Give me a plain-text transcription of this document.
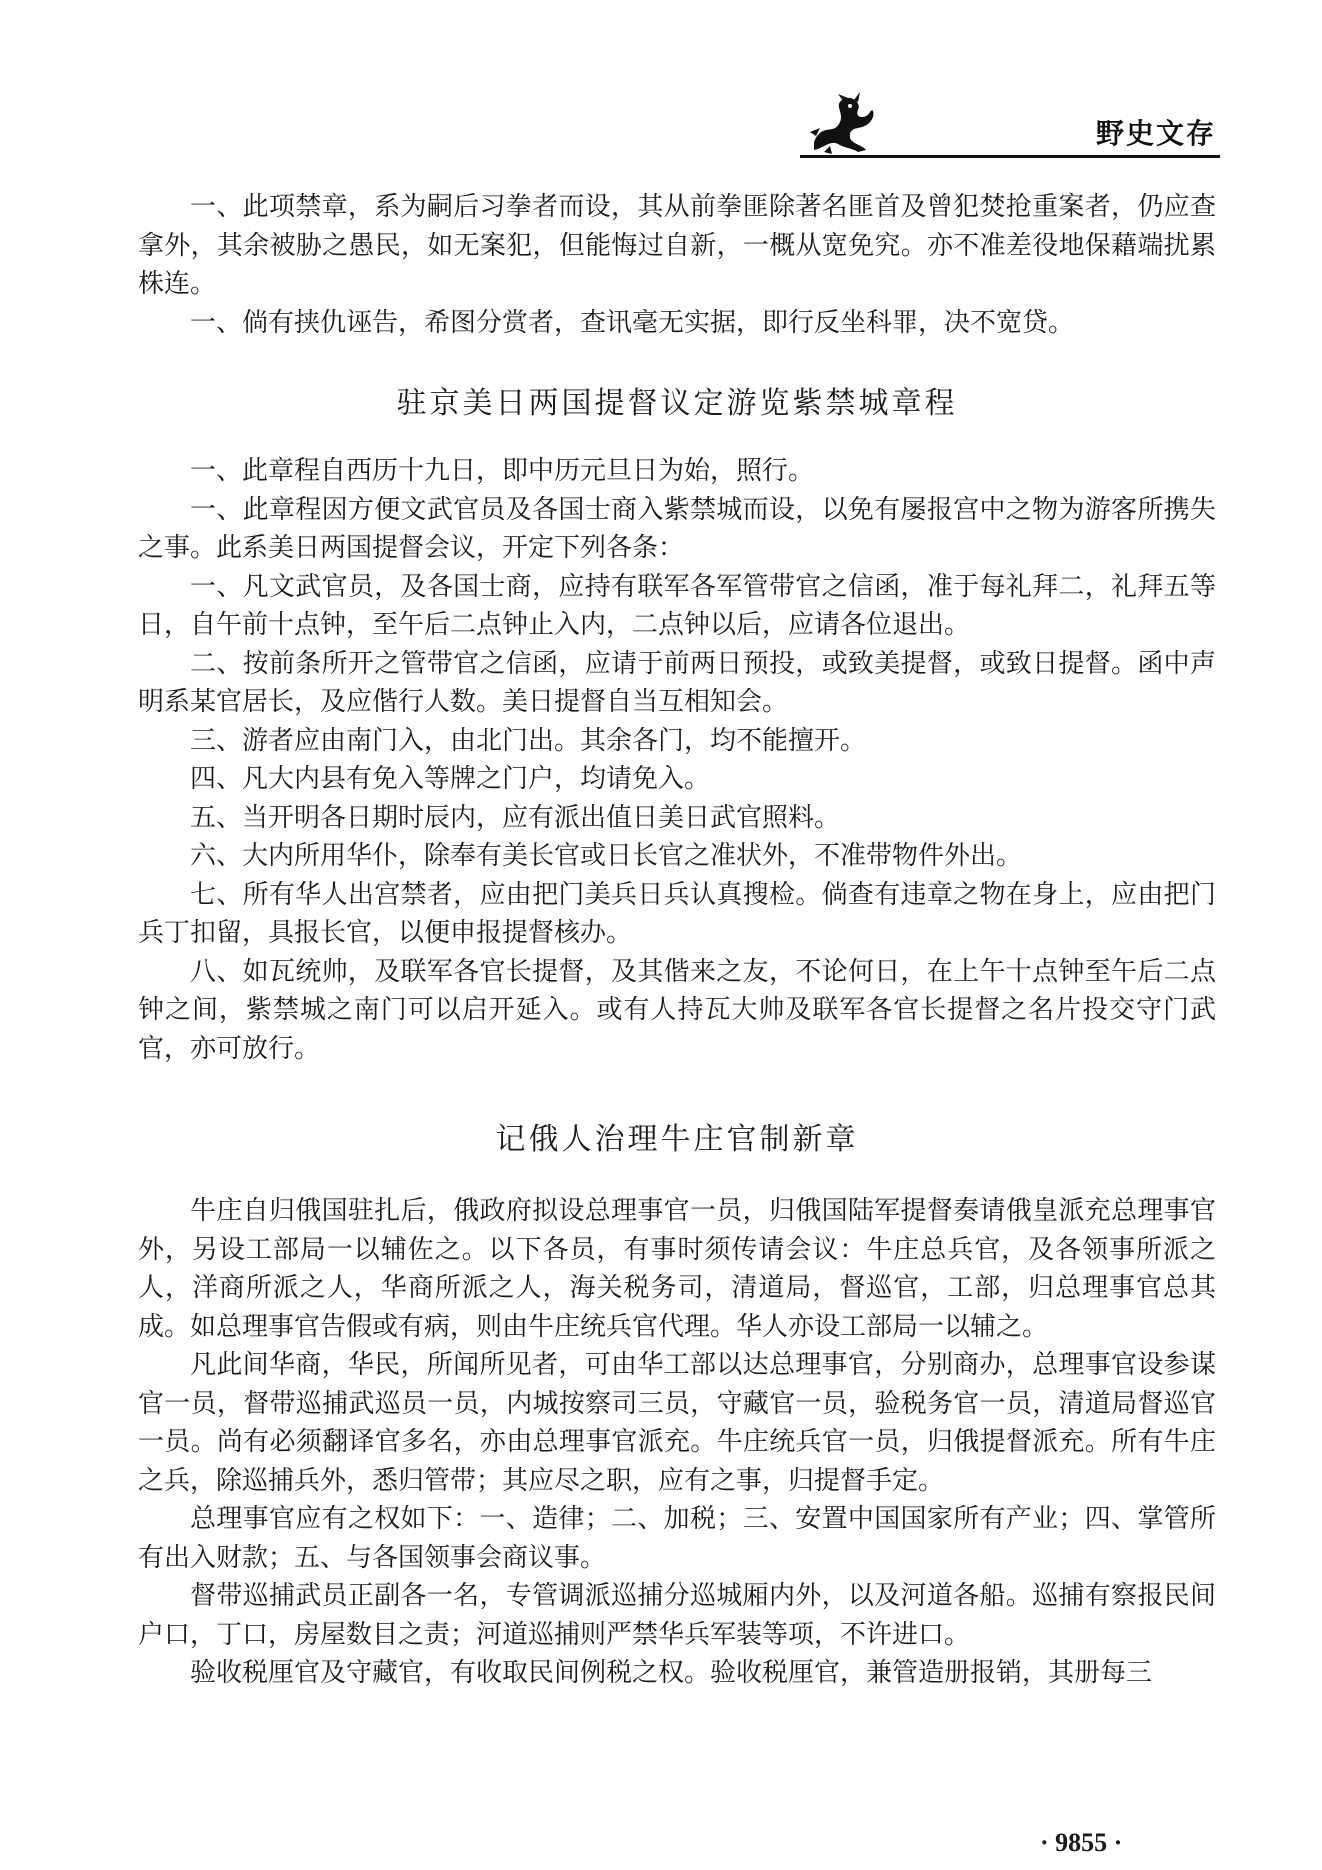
野史文存

一、此项禁章，系为嗣后习拳者而设，其从前拳匪除著名匪首及曾犯焚抢重案者，仍应查拿外，其余被胁之愚民，如无案犯，但能悔过自新，一概从宽免究。亦不准差役地保藉端扰累株连。

一、倘有挟仇诬告，希图分赏者，查讯毫无实据，即行反坐科罪，决不宽贷。

驻京美日两国提督议定游览紫禁城章程

一、此章程自西历十九日，即中历元旦日为始，照行。

一、此章程因方便文武官员及各国士商入紫禁城而设，以免有屡报宫中之物为游客所携失之事。此系美日两国提督会议，开定下列各条：

一、凡文武官员，及各国士商，应持有联军各军管带官之信函，准于每礼拜二，礼拜五等日，自午前十点钟，至午后二点钟止入内，二点钟以后，应请各位退出。

二、按前条所开之管带官之信函，应请于前两日预投，或致美提督，或致日提督。函中声明系某官居长，及应偕行人数。美日提督自当互相知会。

三、游者应由南门入，由北门出。其余各门，均不能擅开。

四、凡大内县有免入等牌之门户，均请免入。

五、当开明各日期时辰内，应有派出值日美日武官照料。

六、大内所用华仆，除奉有美长官或日长官之准状外，不准带物件外出。

七、所有华人出宫禁者，应由把门美兵日兵认真搜检。倘查有违章之物在身上，应由把门兵丁扣留，具报长官，以便申报提督核办。

八、如瓦统帅，及联军各官长提督，及其偕来之友，不论何日，在上午十点钟至午后二点钟之间，紫禁城之南门可以启开延入。或有人持瓦大帅及联军各官长提督之名片投交守门武官，亦可放行。

记俄人治理牛庄官制新章

牛庄自归俄国驻扎后，俄政府拟设总理事官一员，归俄国陆军提督奏请俄皇派充总理事官外，另设工部局一以辅佐之。以下各员，有事时须传请会议：牛庄总兵官，及各领事所派之人，洋商所派之人，华商所派之人，海关税务司，清道局，督巡官，工部，归总理事官总其成。如总理事官告假或有病，则由牛庄统兵官代理。华人亦设工部局一以辅之。

凡此间华商，华民，所闻所见者，可由华工部以达总理事官，分别商办，总理事官设参谋官一员，督带巡捕武巡员一员，内城按察司三员，守藏官一员，验税务官一员，清道局督巡官一员。尚有必须翻译官多名，亦由总理事官派充。牛庄统兵官一员，归俄提督派充。所有牛庄之兵，除巡捕兵外，悉归管带；其应尽之职，应有之事，归提督手定。

总理事官应有之权如下：一、造律；二、加税；三、安置中国国家所有产业；四、掌管所有出入财款；五、与各国领事会商议事。

督带巡捕武员正副各一名，专管调派巡捕分巡城厢内外，以及河道各船。巡捕有察报民间户口，丁口，房屋数目之责；河道巡捕则严禁华兵军装等项，不许进口。

验收税厘官及守藏官，有收取民间例税之权。验收税厘官，兼管造册报销，其册每三

· 9855 ·
